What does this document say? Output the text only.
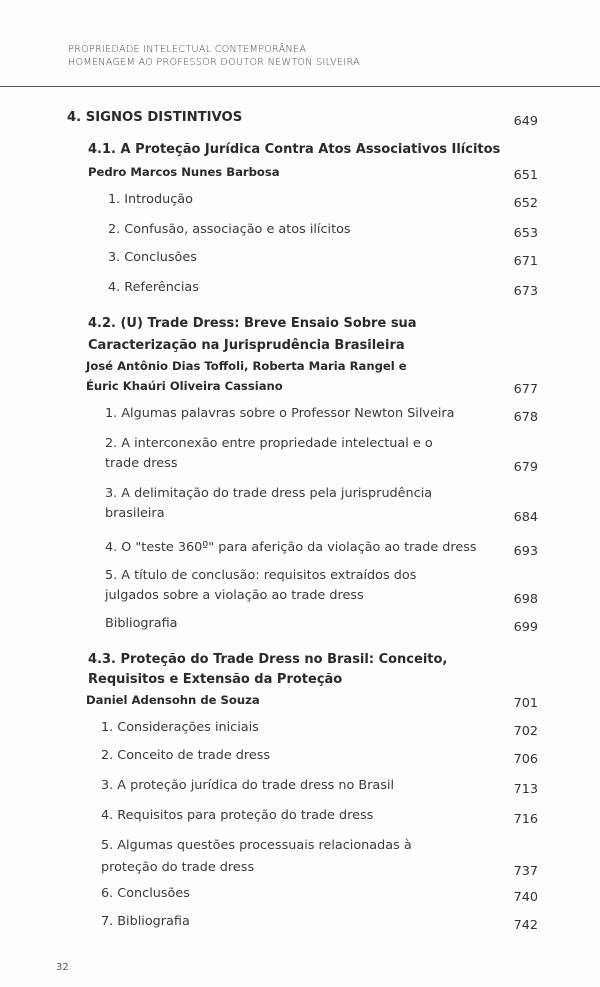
PROPRIEDADE INTELECTUAL CONTEMPORÂNEA
HOMENAGEM AO PROFESSOR DOUTOR NEWTON SILVEIRA
4. SIGNOS DISTINTIVOS	649
4.1. A Proteção Jurídica Contra Atos Associativos Ilícitos
Pedro Marcos Nunes Barbosa	651
1. Introdução	652
2. Confusão, associação e atos ilícitos	653
3. Conclusões	671
4. Referências	673
4.2. (U) Trade Dress: Breve Ensaio Sobre sua
Caracterização na Jurisprudência Brasileira
José Antônio Dias Toffoli, Roberta Maria Rangel e
Éuric Khaúri Oliveira Cassiano	677
1. Algumas palavras sobre o Professor Newton Silveira	678
2. A interconexão entre propriedade intelectual e o
trade dress	679
3. A delimitação do trade dress pela jurisprudência
brasileira	684
4. O "teste 360º" para aferição da violação ao trade dress	693
5. A título de conclusão: requisitos extraídos dos
julgados sobre a violação ao trade dress	698
Bibliografia	699
4.3. Proteção do Trade Dress no Brasil: Conceito,
Requisitos e Extensão da Proteção
Daniel Adensohn de Souza	701
1. Considerações iniciais	702
2. Conceito de trade dress	706
3. A proteção jurídica do trade dress no Brasil	713
4. Requisitos para proteção do trade dress	716
5. Algumas questões processuais relacionadas à
proteção do trade dress	737
6. Conclusões	740
7. Bibliografia	742
32
